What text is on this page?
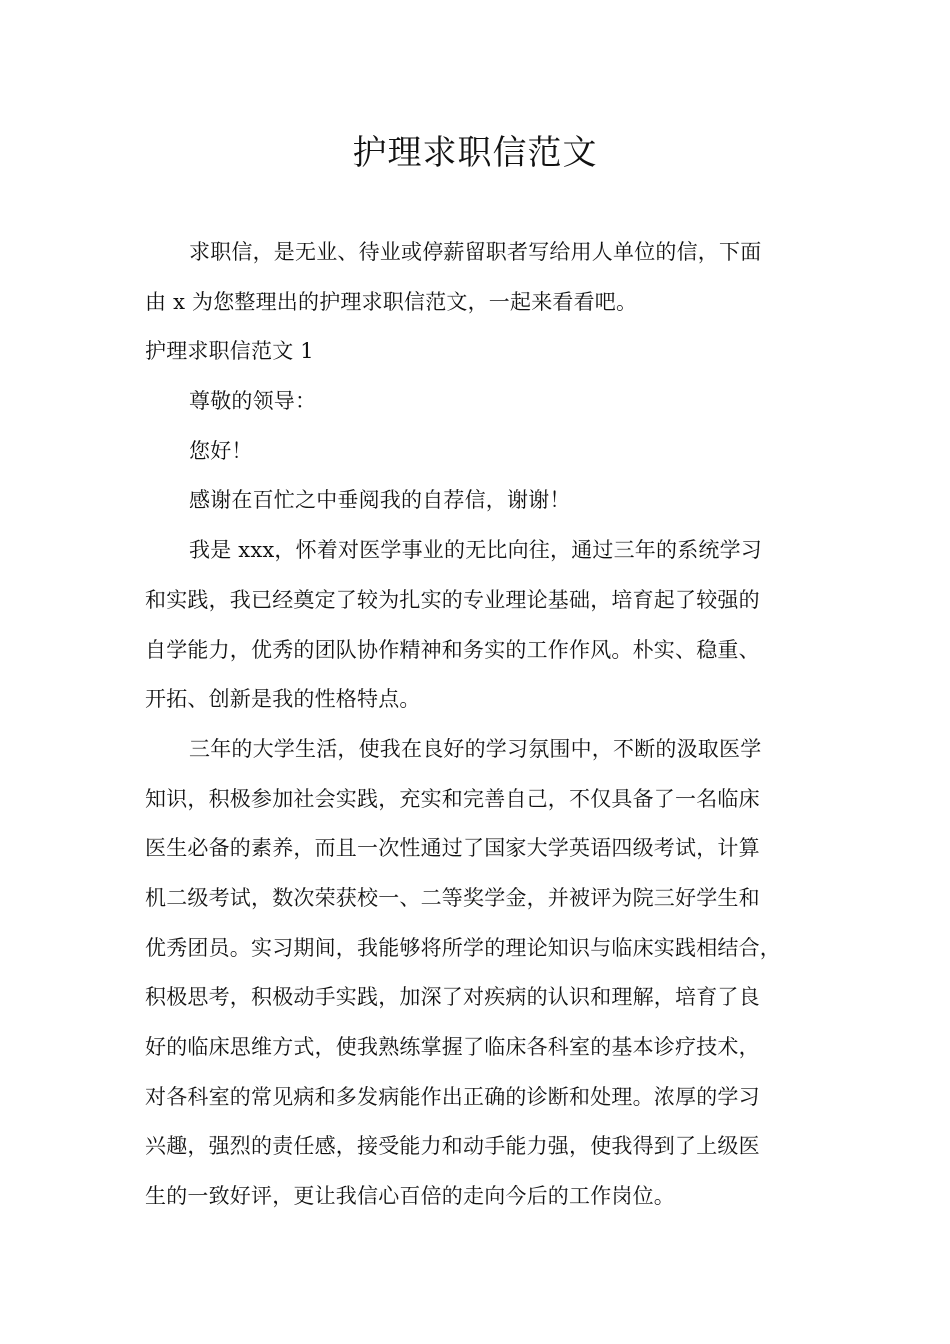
护理求职信范文
求职信，是无业、待业或停薪留职者写给用人单位的信，下面
由 x 为您整理出的护理求职信范文，一起来看看吧。
护理求职信范文 1
尊敬的领导：
您好！
感谢在百忙之中垂阅我的自荐信，谢谢！
我是 xxx，怀着对医学事业的无比向往，通过三年的系统学习
和实践，我已经奠定了较为扎实的专业理论基础，培育起了较强的
自学能力，优秀的团队协作精神和务实的工作作风。朴实、稳重、
开拓、创新是我的性格特点。
三年的大学生活，使我在良好的学习氛围中，不断的汲取医学
知识，积极参加社会实践，充实和完善自己，不仅具备了一名临床
医生必备的素养，而且一次性通过了国家大学英语四级考试，计算
机二级考试，数次荣获校一、二等奖学金，并被评为院三好学生和
优秀团员。实习期间，我能够将所学的理论知识与临床实践相结合，
积极思考，积极动手实践，加深了对疾病的认识和理解，培育了良
好的临床思维方式，使我熟练掌握了临床各科室的基本诊疗技术，
对各科室的常见病和多发病能作出正确的诊断和处理。浓厚的学习
兴趣，强烈的责任感，接受能力和动手能力强，使我得到了上级医
生的一致好评，更让我信心百倍的走向今后的工作岗位。
